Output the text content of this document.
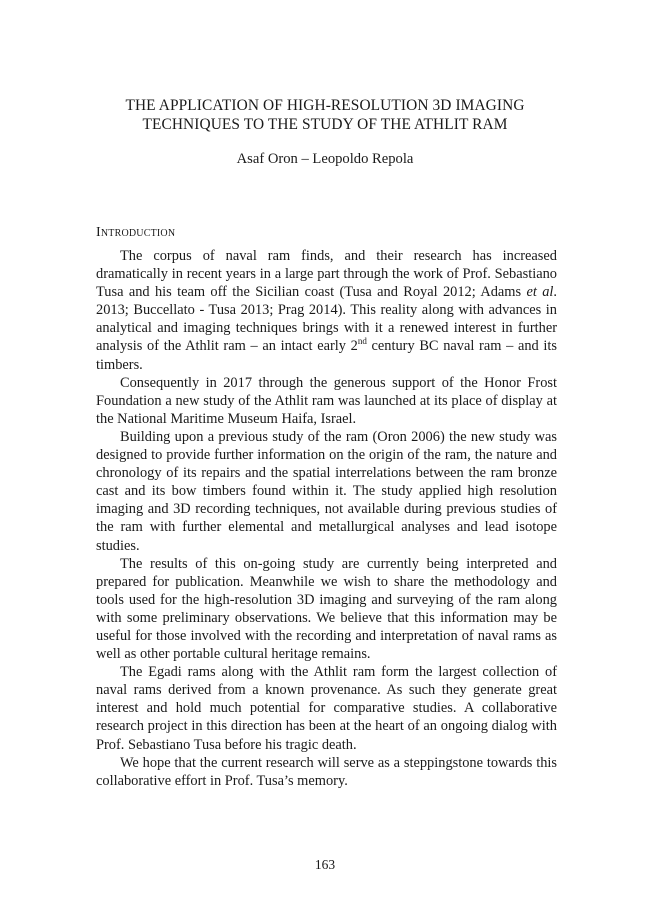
THE APPLICATION OF HIGH-RESOLUTION 3D IMAGING
TECHNIQUES TO THE STUDY OF THE ATHLIT RAM
Asaf Oron – Leopoldo Repola
Introduction

The corpus of naval ram finds, and their research has increased dramatically in recent years in a large part through the work of Prof. Sebastiano Tusa and his team off the Sicilian coast (Tusa and Royal 2012; Adams et al. 2013; Buccellato - Tusa 2013; Prag 2014). This reality along with advances in analytical and imaging techniques brings with it a renewed interest in further analysis of the Athlit ram – an intact early 2nd century BC naval ram – and its timbers.

Consequently in 2017 through the generous support of the Honor Frost Foundation a new study of the Athlit ram was launched at its place of display at the National Maritime Museum Haifa, Israel.

Building upon a previous study of the ram (Oron 2006) the new study was designed to provide further information on the origin of the ram, the nature and chronology of its repairs and the spatial interrelations between the ram bronze cast and its bow timbers found within it. The study applied high resolution imaging and 3D recording techniques, not available during previous studies of the ram with further elemental and metallurgical analyses and lead isotope studies.

The results of this on-going study are currently being interpreted and prepared for publication. Meanwhile we wish to share the methodology and tools used for the high-resolution 3D imaging and surveying of the ram along with some preliminary observations. We believe that this information may be useful for those involved with the recording and interpretation of naval rams as well as other portable cultural heritage remains.

The Egadi rams along with the Athlit ram form the largest collection of naval rams derived from a known provenance. As such they generate great interest and hold much potential for comparative studies. A collaborative research project in this direction has been at the heart of an ongoing dialog with Prof. Sebastiano Tusa before his tragic death.

We hope that the current research will serve as a steppingstone towards this collaborative effort in Prof. Tusa’s memory.

163
